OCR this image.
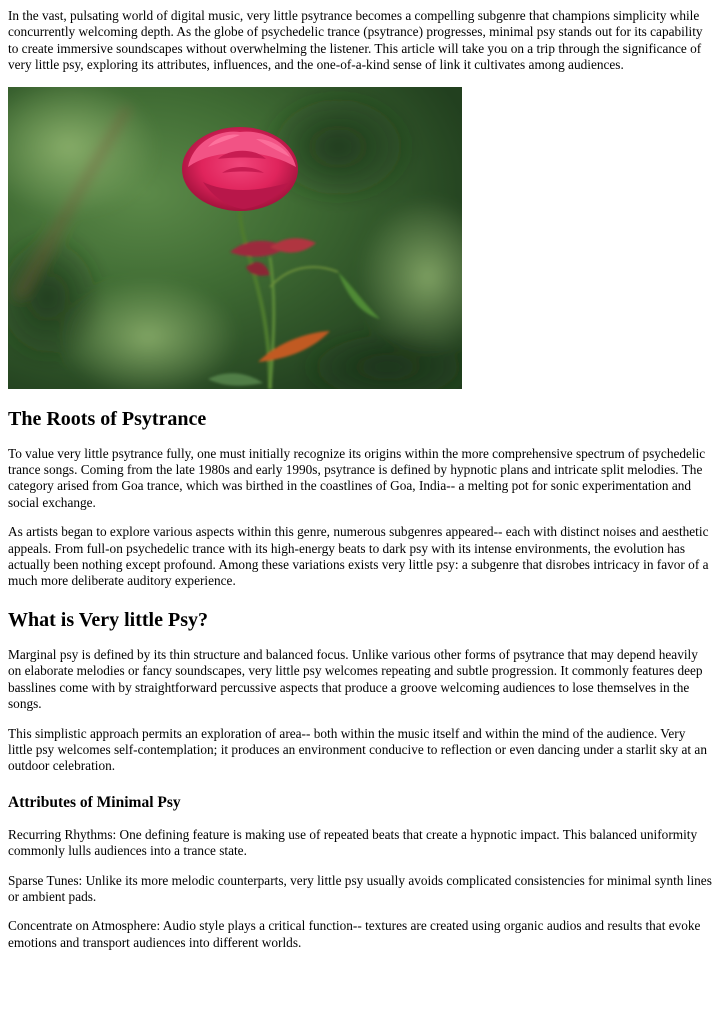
In the vast, pulsating world of digital music, very little psytrance becomes a compelling subgenre that champions simplicity while concurrently welcoming depth. As the globe of psychedelic trance (psytrance) progresses, minimal psy stands out for its capability to create immersive soundscapes without overwhelming the listener. This article will take you on a trip through the significance of very little psy, exploring its attributes, influences, and the one-of-a-kind sense of link it cultivates among audiences.

The Roots of Psytrance

To value very little psytrance fully, one must initially recognize its origins within the more comprehensive spectrum of psychedelic trance songs. Coming from the late 1980s and early 1990s, psytrance is defined by hypnotic plans and intricate split melodies. The category arised from Goa trance, which was birthed in the coastlines of Goa, India-- a melting pot for sonic experimentation and social exchange.

As artists began to explore various aspects within this genre, numerous subgenres appeared-- each with distinct noises and aesthetic appeals. From full-on psychedelic trance with its high-energy beats to dark psy with its intense environments, the evolution has actually been nothing except profound. Among these variations exists very little psy: a subgenre that disrobes intricacy in favor of a much more deliberate auditory experience.

What is Very little Psy?

Marginal psy is defined by its thin structure and balanced focus. Unlike various other forms of psytrance that may depend heavily on elaborate melodies or fancy soundscapes, very little psy welcomes repeating and subtle progression. It commonly features deep basslines come with by straightforward percussive aspects that produce a groove welcoming audiences to lose themselves in the songs.

This simplistic approach permits an exploration of area-- both within the music itself and within the mind of the audience. Very little psy welcomes self-contemplation; it produces an environment conducive to reflection or even dancing under a starlit sky at an outdoor celebration.

Attributes of Minimal Psy

Recurring Rhythms: One defining feature is making use of repeated beats that create a hypnotic impact. This balanced uniformity commonly lulls audiences into a trance state.

Sparse Tunes: Unlike its more melodic counterparts, very little psy usually avoids complicated consistencies for minimal synth lines or ambient pads.

Concentrate on Atmosphere: Audio style plays a critical function-- textures are created using organic audios and results that evoke emotions and transport audiences into different worlds.
